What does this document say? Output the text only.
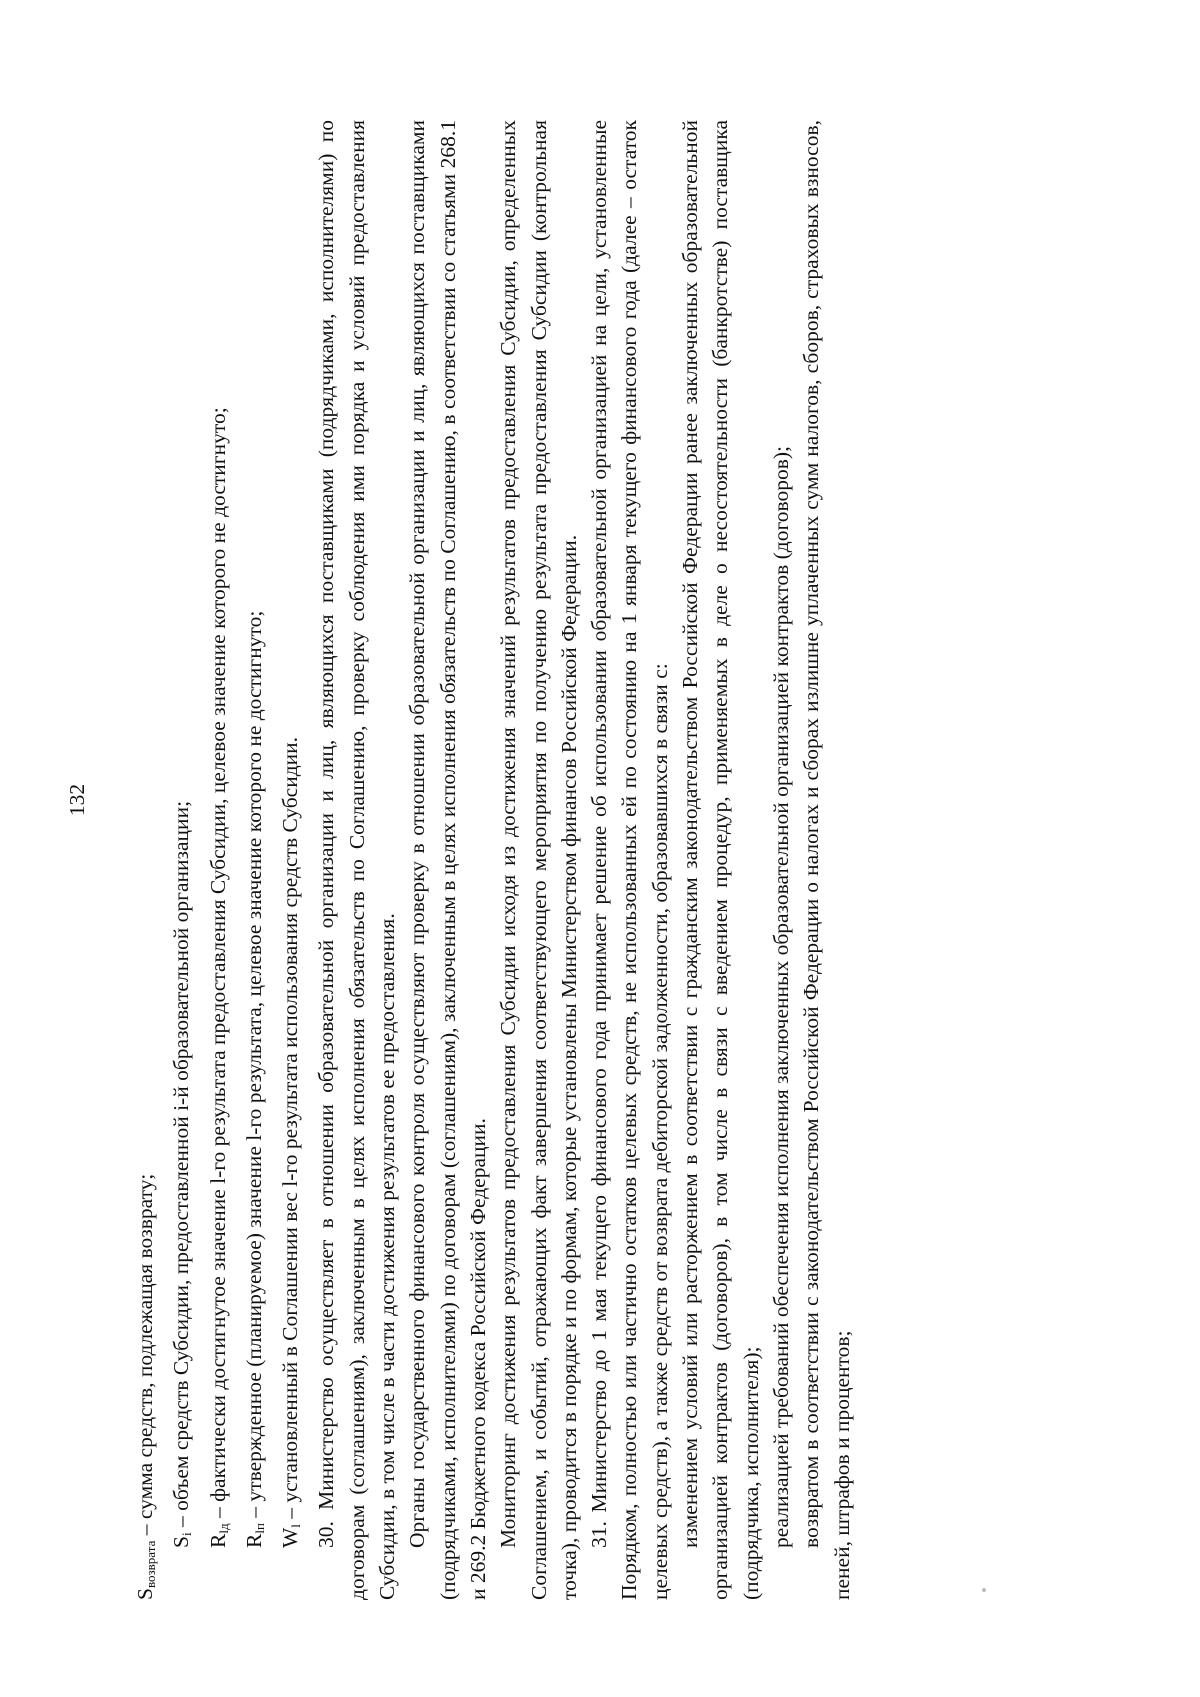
132

$S_{возврата}$ – сумма средств, подлежащая возврату;

$S_i$ – объем средств Субсидии, предоставленной i-й образовательной организации;

$R_{lд}$ – фактически достигнутое значение l-го результата предоставления Субсидии, целевое значение которого не достигнуто;

$R_{lп}$ – утвержденное (планируемое) значение l-го результата, целевое значение которого не достигнуто;

$W_l$ – установленный в Соглашении вес l-го результата использования средств Субсидии. 30. Министерство осуществляет в отношении образовательной организации и лиц, являющихся поставщиками (подрядчиками, исполнителями) по договорам (соглашениям), заключенным в целях исполнения обязательств по Соглашению, проверку соблюдения ими порядка и условий предоставления Субсидии, в том числе в части достижения результатов ее предоставления. Органы государственного финансового контроля осуществляют проверку в отношении образовательной организации и лиц, являющихся поставщиками (подрядчиками, исполнителями) по договорам (соглашениям), заключенным в целях исполнения обязательств по Соглашению, в соответствии со статьями 268.1 и 269.2 Бюджетного кодекса Российской Федерации. Мониторинг достижения результатов предоставления Субсидии исходя из достижения значений результатов предоставления Субсидии, определенных Соглашением, и событий, отражающих факт завершения соответствующего мероприятия по получению результата предоставления Субсидии (контрольная точка), проводится в порядке и по формам, которые установлены Министерством финансов Российской Федерации. 31. Министерство до 1 мая текущего финансового года принимает решение об использовании образовательной организацией на цели, установленные Порядком, полностью или частично остатков целевых средств, не использованных ей по состоянию на 1 января текущего финансового года (далее – остаток целевых средств), а также средств от возврата дебиторской задолженности, образовавшихся в связи с: изменением условий или расторжением в соответствии с гражданским законодательством Российской Федерации ранее заключенных образовательной организацией контрактов (договоров), в том числе в связи с введением процедур, применяемых в деле о несостоятельности (банкротстве) поставщика (подрядчика, исполнителя); реализацией требований обеспечения исполнения заключенных образовательной организацией контрактов (договоров); возвратом в соответствии с законодательством Российской Федерации о налогах и сборах излишне уплаченных сумм налогов, сборов, страховых взносов, пеней, штрафов и процентов;
